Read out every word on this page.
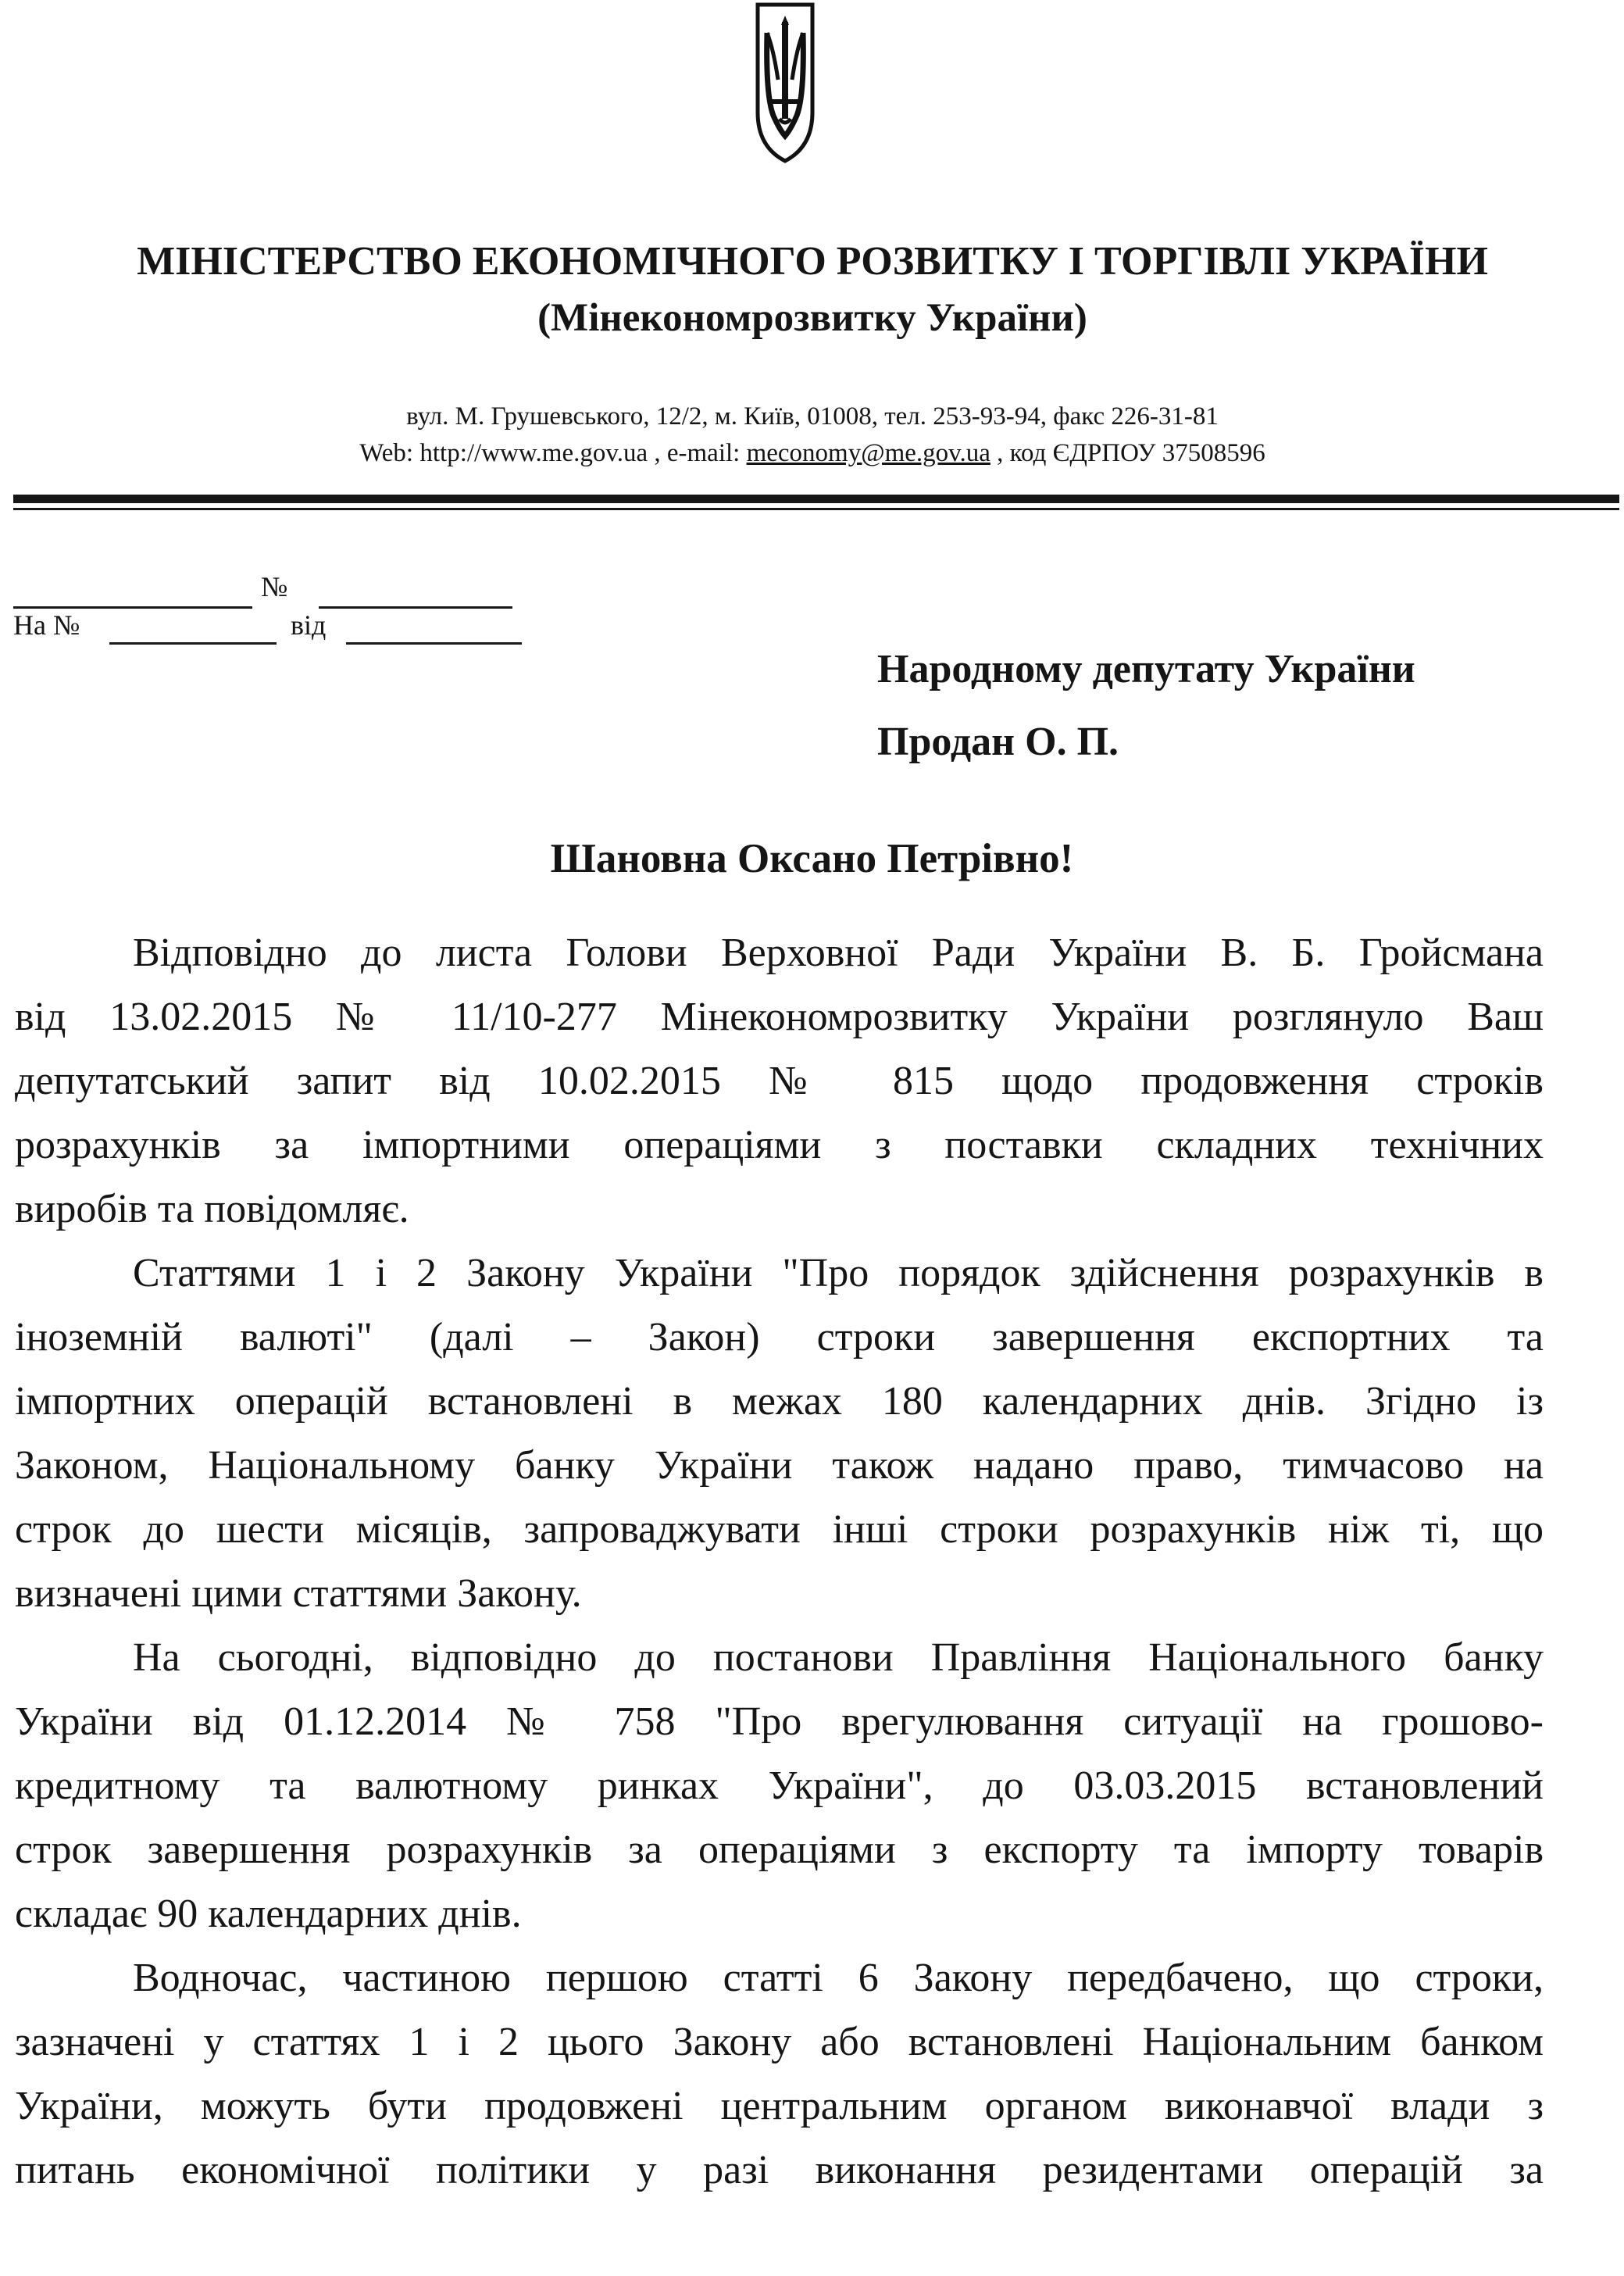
МІНІСТЕРСТВО ЕКОНОМІЧНОГО РОЗВИТКУ І ТОРГІВЛІ УКРАЇНИ
(Мінекономрозвитку України)
вул. М. Грушевського, 12/2, м. Київ, 01008, тел. 253-93-94, факс 226-31-81
Web: http://www.me.gov.ua , e-mail: meconomy@me.gov.ua , код ЄДРПОУ 37508596
№
На №	від
Народному депутату України
Продан О. П.
Шановна Оксано Петрівно!
Відповідно до листа Голови Верховної Ради України В. Б. Гройсмана
від 13.02.2015 № 11/10-277 Мінекономрозвитку України розглянуло Ваш
депутатський запит від 10.02.2015 № 815 щодо продовження строків
розрахунків за імпортними операціями з поставки складних технічних
виробів та повідомляє.
Статтями 1 і 2 Закону України "Про порядок здійснення розрахунків в
іноземній валюті" (далі – Закон) строки завершення експортних та
імпортних операцій встановлені в межах 180 календарних днів. Згідно із
Законом, Національному банку України також надано право, тимчасово на
строк до шести місяців, запроваджувати інші строки розрахунків ніж ті, що
визначені цими статтями Закону.
На сьогодні, відповідно до постанови Правління Національного банку
України від 01.12.2014 № 758 "Про врегулювання ситуації на грошово-
кредитному та валютному ринках України", до 03.03.2015 встановлений
строк завершення розрахунків за операціями з експорту та імпорту товарів
складає 90 календарних днів.
Водночас, частиною першою статті 6 Закону передбачено, що строки,
зазначені у статтях 1 і 2 цього Закону або встановлені Національним банком
України, можуть бути продовжені центральним органом виконавчої влади з
питань економічної політики у разі виконання резидентами операцій за
